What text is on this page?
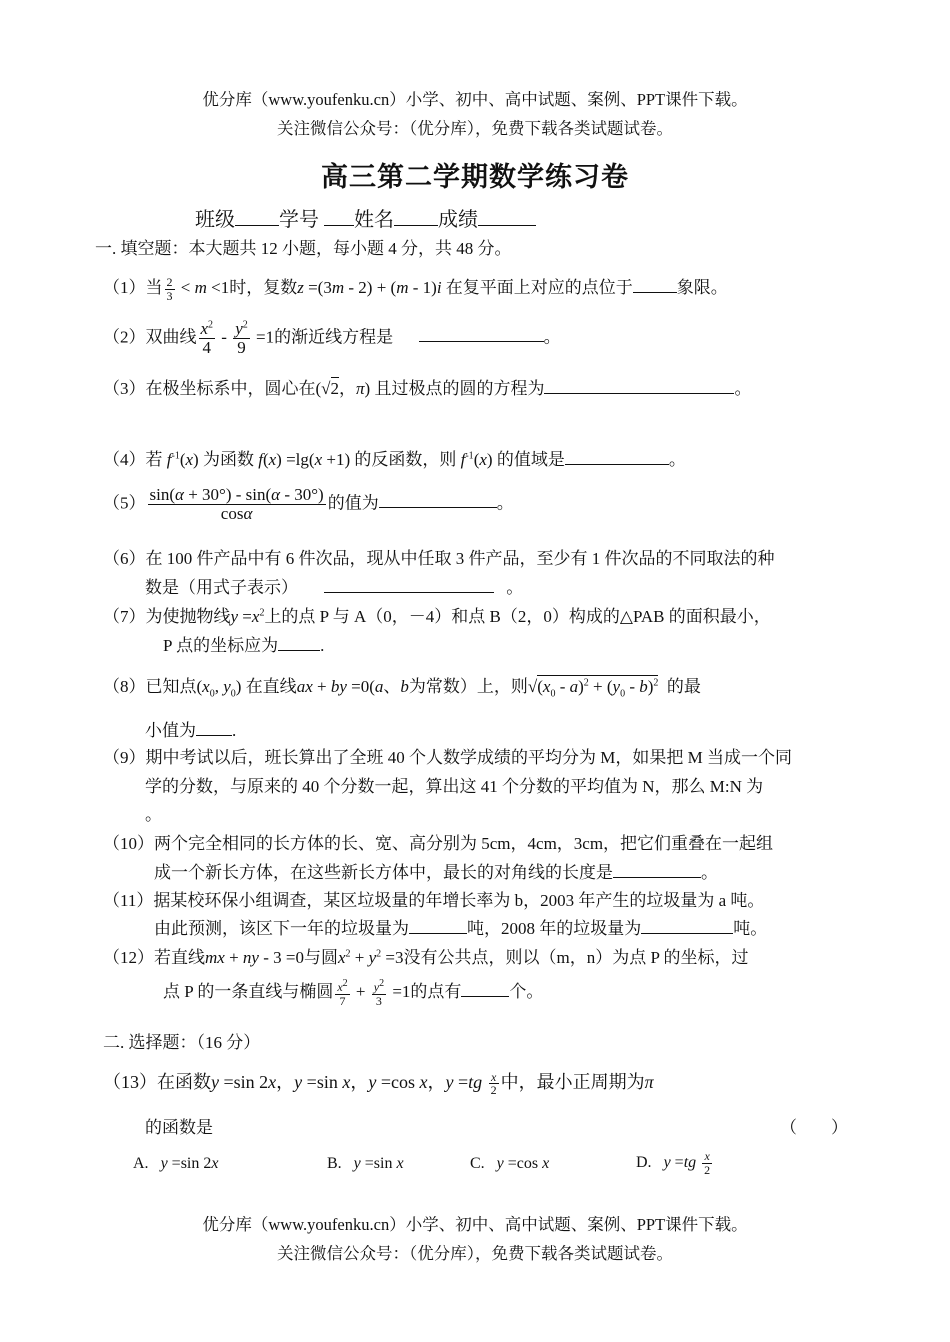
优分库（www.youfenku.cn）小学、初中、高中试题、案例、PPT课件下载。
关注微信公众号：（优分库），免费下载各类试题试卷。
高三第二学期数学练习卷
班级 学号 姓名 成绩
一. 填空题：本大题共 12 小题，每小题 4 分，共 48 分。
（1）当 $\frac{2}{3} < m <1$时，复数z =(3m - 2) + (m - 1)i 在复平面上对应的点位于	象限。
（2）双曲线 $\frac{x^2}{4} - \frac{y^2}{9} =1$的渐近线方程是	。
（3）在极坐标系中，圆心在(√2，π) 且过极点的圆的方程为	。
（4）若 $f^{-1}(x)$ 为函数 f(x) =lg(x +1) 的反函数，则 $f^{-1}(x)$ 的值域是	。
$(5) \frac{\sin(\alpha + 30^\circ) - \sin(\alpha - 30^\circ)}{\cos\alpha}$ 的值为	。
（6）在 100 件产品中有 6 件次品，现从中任取 3 件产品，至少有 1 件次品的不同取法的种
数是（用式子表示）	。
（7）为使抛物线$y =x^2$上的点 P 与 A（0，－4）和点 B（2，0）构成的△PAB 的面积最小，
P 点的坐标应为 .
（8）已知点($x_0$, $y_0$) 在直线ax + by =0(a、b为常数）上，则$√(x_0 - a)^2 + (y_0 - b)^2$ 的最
小值为 .
（9）期中考试以后，班长算出了全班 40 个人数学成绩的平均分为 M，如果把 M 当成一个同
学的分数，与原来的 40 个分数一起，算出这 41 个分数的平均值为 N，那么 M:N 为
。
（10）两个完全相同的长方体的长、宽、高分别为 5cm，4cm，3cm，把它们重叠在一起组
成一个新长方体，在这些新长方体中，最长的对角线的长度是	。
（11）据某校环保小组调查，某区垃圾量的年增长率为 b，2003 年产生的垃圾量为 a 吨。
由此预测，该区下一年的垃圾量为	吨，2008 年的垃圾量为	吨。
（12）若直线mx + ny - 3 =0与圆$x^2 + y^2 =3$没有公共点，则以（m，n）为点 P 的坐标，过
点 P 的一条直线与椭圆 $\frac{x^2}{7} + \frac{y^2}{3} =1$的点有	个。
二. 选择题：（16 分）
（13）在函数y =sin 2x，y =sin x，y =cos x，$y =tg \frac{x}{2}$ 中，最小正周期为π
的函数是	（　　）
A. y =sin 2x	B. y =sin x	C. y =cos x	D. $y =tg \frac{x}{2}$
优分库（www.youfenku.cn）小学、初中、高中试题、案例、PPT课件下载。
关注微信公众号：（优分库），免费下载各类试题试卷。
